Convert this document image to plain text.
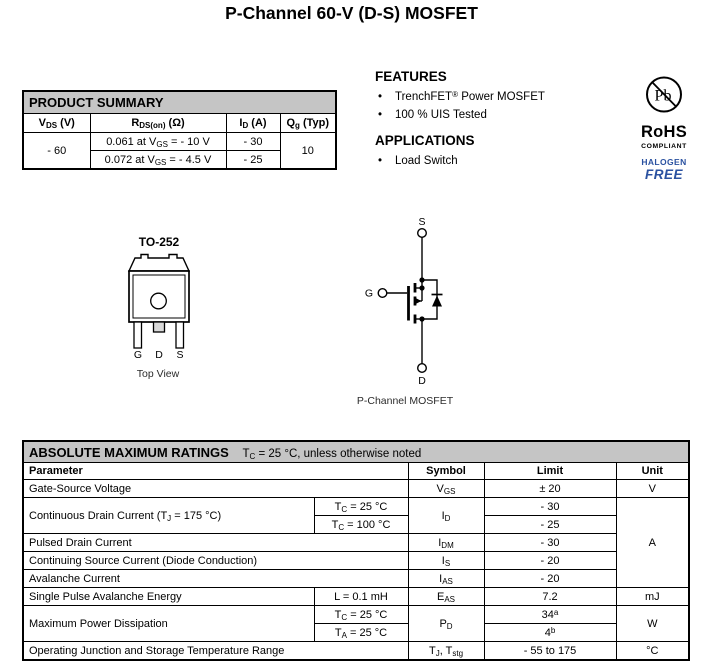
P-Channel 60-V (D-S) MOSFET
PRODUCT SUMMARY			
$V_{DS}$ (V)	$R_{DS(on)}$ (Ω)	$I_D$ (A)	$Q_g$ (Typ)
- 60	0.061 at $V_{GS}$ = - 10 V	- 30	10
	0.072 at $V_{GS}$ = - 4.5 V	- 25	
FEATURES
•	TrenchFET® Power MOSFET
•	100 % UIS Tested
APPLICATIONS
•	Load Switch
Pb
RoHS
COMPLIANT
HALOGEN
FREE
TO-252
G D S
Top View
S
D
G
P-Channel MOSFET
ABSOLUTE MAXIMUM RATINGS $T_C = 25$ °C, unless otherwise noted				
Parameter		Symbol	Limit	Unit
Gate-Source Voltage		$V_{GS}$	± 20	V
Continuous Drain Current ($T_J = 175$ °C)	$T_C = 25$ °C	$I_D$	- 30	A
	$T_C = 100$ °C		- 25	
Pulsed Drain Current		$I_{DM}$	- 30	
Continuing Source Current (Diode Conduction)		$I_S$	- 20	
Avalanche Current		$I_{AS}$	- 20	
Single Pulse Avalanche Energy	L = 0.1 mH	$E_{AS}$	7.2	mJ
Maximum Power Dissipation	$T_C = 25$ °C	$P_D$	34$^a$	W
	$T_A = 25$ °C		4$^b$
Operating Junction and Storage Temperature Range		$T_J$, $T_{stg}$	- 55 to 175	°C
